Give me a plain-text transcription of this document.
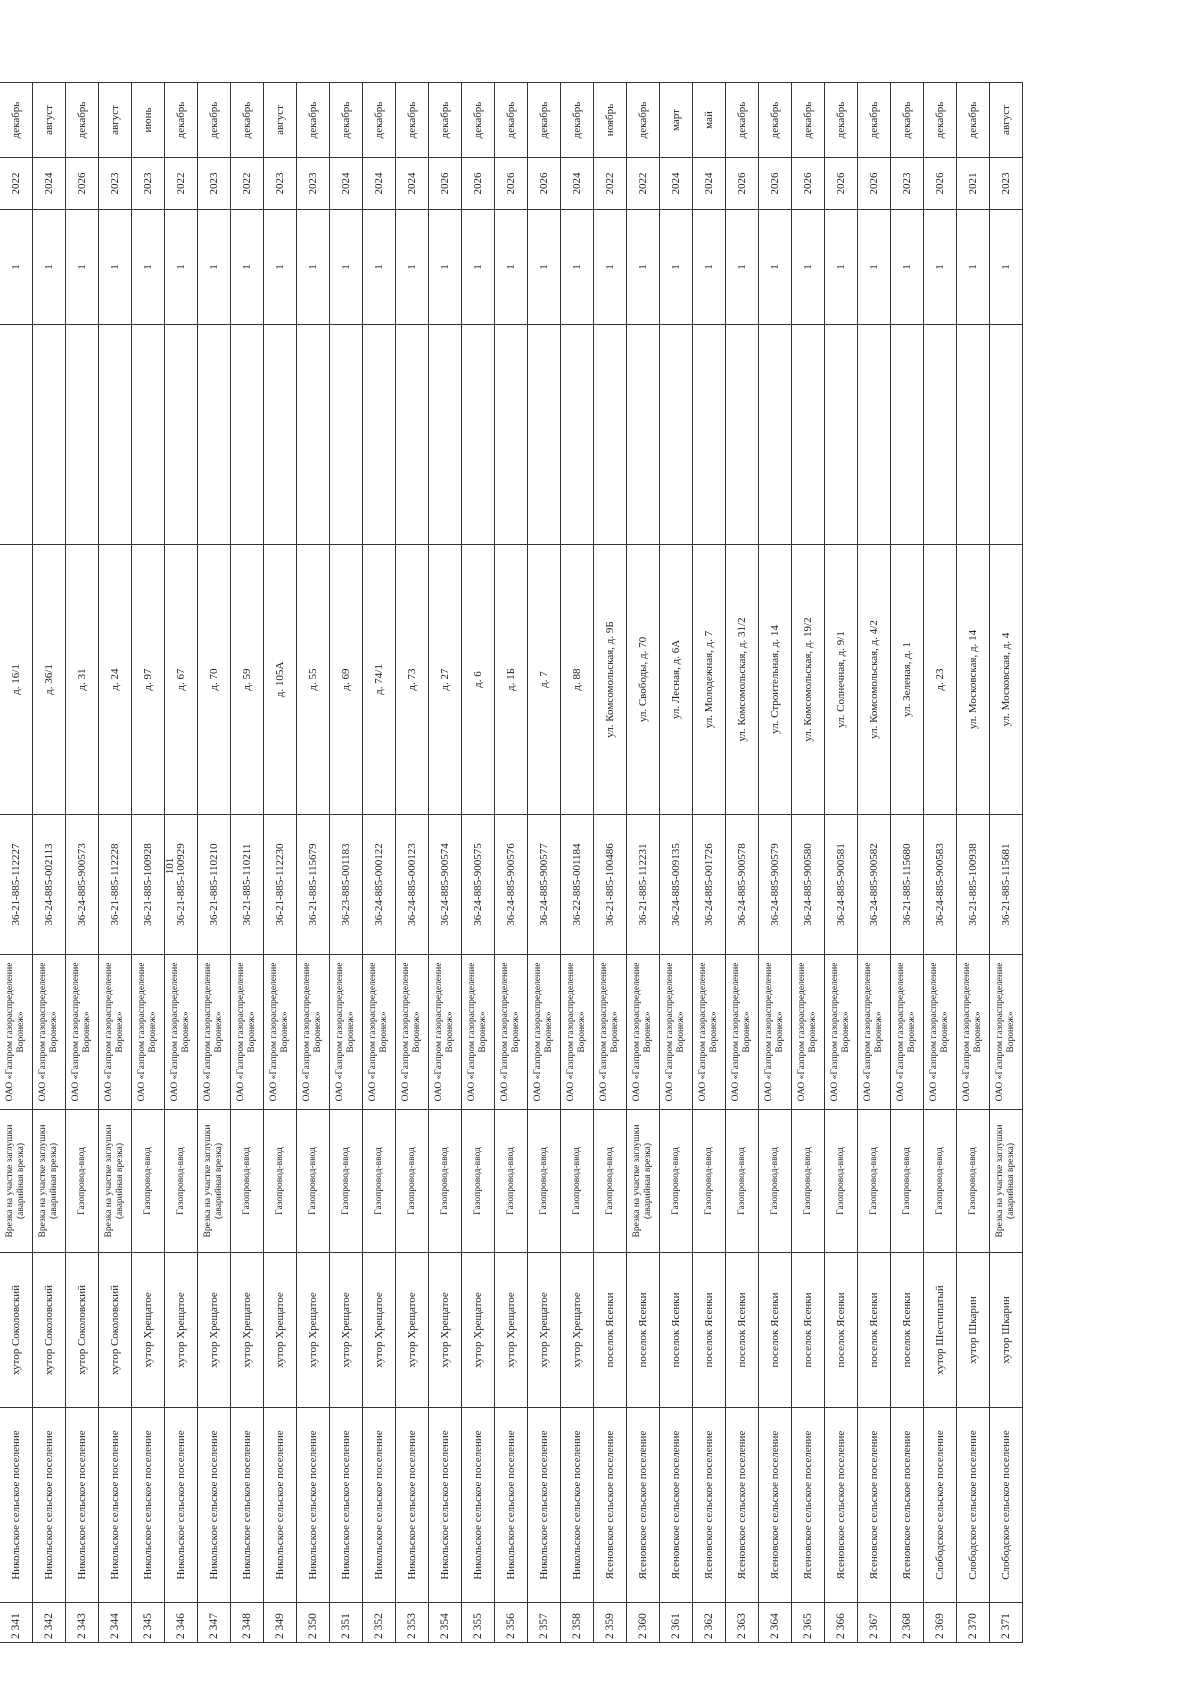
101
2 341	Никольское сельское поселение	хутор Соколовский	Врезка на участке заглушки (аварийная врезка)	ОАО «Газпром газораспределение Воронеж»	36-21-885-112227	д. 16/1		1	2022	декабрь
2 342	Никольское сельское поселение	хутор Соколовский	Врезка на участке заглушки (аварийная врезка)	ОАО «Газпром газораспределение Воронеж»	36-24-885-002113	д. 36/1		1	2024	август
2 343	Никольское сельское поселение	хутор Соколовский	Газопровод-ввод	ОАО «Газпром газораспределение Воронеж»	36-24-885-900573	д. 31		1	2026	декабрь
2 344	Никольское сельское поселение	хутор Соколовский	Врезка на участке заглушки (аварийная врезка)	ОАО «Газпром газораспределение Воронеж»	36-21-885-112228	д. 24		1	2023	август
2 345	Никольское сельское поселение	хутор Хрещатое	Газопровод-ввод	ОАО «Газпром газораспределение Воронеж»	36-21-885-100928	д. 97		1	2023	июнь
2 346	Никольское сельское поселение	хутор Хрещатое	Газопровод-ввод	ОАО «Газпром газораспределение Воронеж»	36-21-885-100929	д. 67		1	2022	декабрь
2 347	Никольское сельское поселение	хутор Хрещатое	Врезка на участке заглушки (аварийная врезка)	ОАО «Газпром газораспределение Воронеж»	36-21-885-110210	д. 70		1	2023	декабрь
2 348	Никольское сельское поселение	хутор Хрещатое	Газопровод-ввод	ОАО «Газпром газораспределение Воронеж»	36-21-885-110211	д. 59		1	2022	декабрь
2 349	Никольское сельское поселение	хутор Хрещатое	Газопровод-ввод	ОАО «Газпром газораспределение Воронеж»	36-21-885-112230	д. 105А		1	2023	август
2 350	Никольское сельское поселение	хутор Хрещатое	Газопровод-ввод	ОАО «Газпром газораспределение Воронеж»	36-21-885-115679	д. 55		1	2023	декабрь
2 351	Никольское сельское поселение	хутор Хрещатое	Газопровод-ввод	ОАО «Газпром газораспределение Воронеж»	36-23-885-001183	д. 69		1	2024	декабрь
2 352	Никольское сельское поселение	хутор Хрещатое	Газопровод-ввод	ОАО «Газпром газораспределение Воронеж»	36-24-885-000122	д. 74/1		1	2024	декабрь
2 353	Никольское сельское поселение	хутор Хрещатое	Газопровод-ввод	ОАО «Газпром газораспределение Воронеж»	36-24-885-000123	д. 73		1	2024	декабрь
2 354	Никольское сельское поселение	хутор Хрещатое	Газопровод-ввод	ОАО «Газпром газораспределение Воронеж»	36-24-885-900574	д. 27		1	2026	декабрь
2 355	Никольское сельское поселение	хутор Хрещатое	Газопровод-ввод	ОАО «Газпром газораспределение Воронеж»	36-24-885-900575	д. 6		1	2026	декабрь
2 356	Никольское сельское поселение	хутор Хрещатое	Газопровод-ввод	ОАО «Газпром газораспределение Воронеж»	36-24-885-900576	д. 1Б		1	2026	декабрь
2 357	Никольское сельское поселение	хутор Хрещатое	Газопровод-ввод	ОАО «Газпром газораспределение Воронеж»	36-24-885-900577	д. 7		1	2026	декабрь
2 358	Никольское сельское поселение	хутор Хрещатое	Газопровод-ввод	ОАО «Газпром газораспределение Воронеж»	36-22-885-001184	д. 88		1	2024	декабрь
2 359	Ясеновское сельское поселение	поселок Ясенки	Газопровод-ввод	ОАО «Газпром газораспределение Воронеж»	36-21-885-100486	ул. Комсомольская, д. 9Б		1	2022	ноябрь
2 360	Ясеновское сельское поселение	поселок Ясенки	Врезка на участке заглушки (аварийная врезка)	ОАО «Газпром газораспределение Воронеж»	36-21-885-112231	ул. Свободы, д. 70		1	2022	декабрь
2 361	Ясеновское сельское поселение	поселок Ясенки	Газопровод-ввод	ОАО «Газпром газораспределение Воронеж»	36-24-885-009135	ул. Лесная, д. 6А		1	2024	март
2 362	Ясеновское сельское поселение	поселок Ясенки	Газопровод-ввод	ОАО «Газпром газораспределение Воронеж»	36-24-885-001726	ул. Молодежная, д. 7		1	2024	май
2 363	Ясеновское сельское поселение	поселок Ясенки	Газопровод-ввод	ОАО «Газпром газораспределение Воронеж»	36-24-885-900578	ул. Комсомольская, д. 31/2		1	2026	декабрь
2 364	Ясеновское сельское поселение	поселок Ясенки	Газопровод-ввод	ОАО «Газпром газораспределение Воронеж»	36-24-885-900579	ул. Строительная, д. 14		1	2026	декабрь
2 365	Ясеновское сельское поселение	поселок Ясенки	Газопровод-ввод	ОАО «Газпром газораспределение Воронеж»	36-24-885-900580	ул. Комсомольская, д. 19/2		1	2026	декабрь
2 366	Ясеновское сельское поселение	поселок Ясенки	Газопровод-ввод	ОАО «Газпром газораспределение Воронеж»	36-24-885-900581	ул. Солнечная, д. 9/1		1	2026	декабрь
2 367	Ясеновское сельское поселение	поселок Ясенки	Газопровод-ввод	ОАО «Газпром газораспределение Воронеж»	36-24-885-900582	ул. Комсомольская, д. 4/2		1	2026	декабрь
2 368	Ясеновское сельское поселение	поселок Ясенки	Газопровод-ввод	ОАО «Газпром газораспределение Воронеж»	36-21-885-115680	ул. Зеленая, д. 1		1	2023	декабрь
2 369	Слободское сельское поселение	хутор Шестипатый	Газопровод-ввод	ОАО «Газпром газораспределение Воронеж»	36-24-885-900583	д. 23		1	2026	декабрь
2 370	Слободское сельское поселение	хутор Шкарин	Газопровод-ввод	ОАО «Газпром газораспределение Воронеж»	36-21-885-100938	ул. Московская, д. 14		1	2021	декабрь
2 371	Слободское сельское поселение	хутор Шкарин	Врезка на участке заглушки (аварийная врезка)	ОАО «Газпром газораспределение Воронеж»	36-21-885-115681	ул. Московская, д. 4		1	2023	август
